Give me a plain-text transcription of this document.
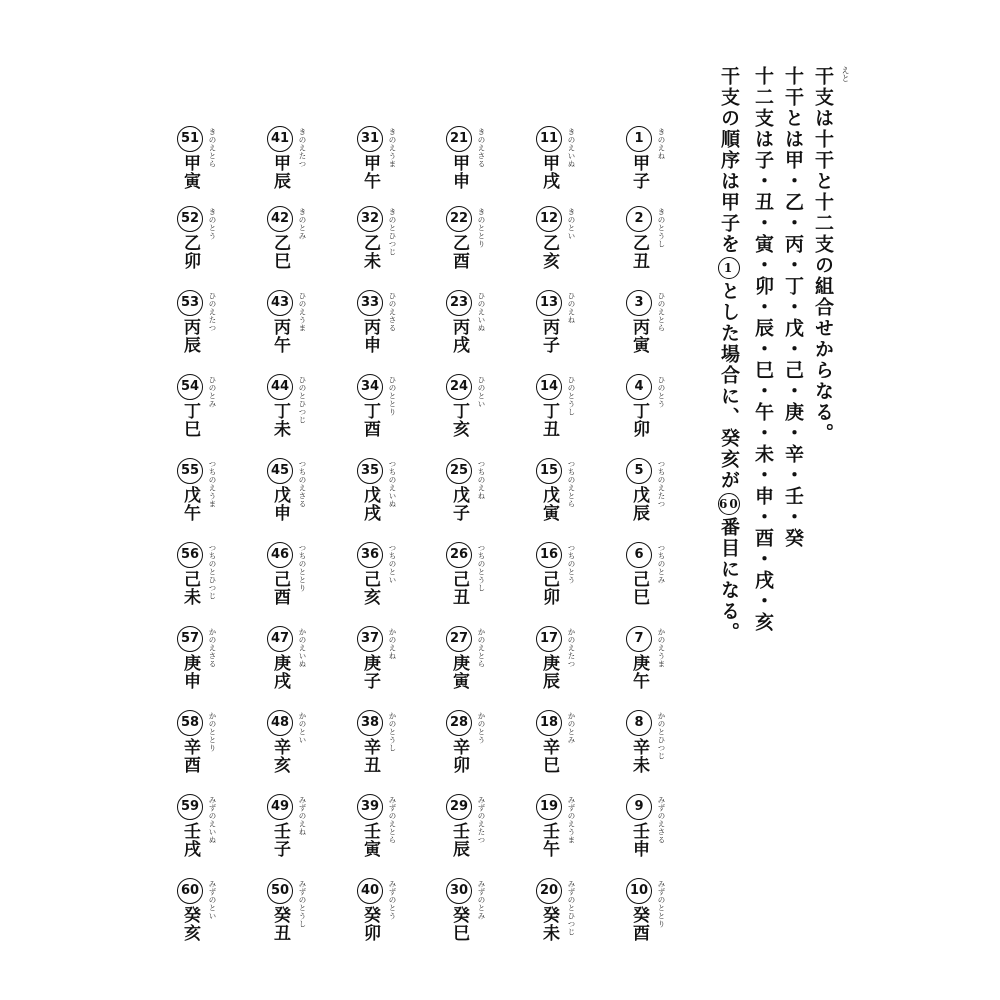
えと
干支は十干と十二支の組合せからなる。
十干とは甲・乙・丙・丁・戊・己・庚・辛・壬・癸
十二支は子・丑・寅・卯・辰・巳・午・未・申・酉・戌・亥
干支の順序は甲子を1とした場合に、癸亥が60番目になる。
1
甲子
きのえね
2
乙丑
きのとうし
3
丙寅
ひのえとら
4
丁卯
ひのとう
5
戊辰	つちのえたつ
6
己巳
つちのとみ
7
庚午
かのえうま
8
辛未	かのとひつじ
9
壬申	みずのえさる
10
癸酉	みずのととり
11
甲戌
きのえいぬ
12
乙亥
きのとい
13
丙子
ひのえね
14
丁丑
ひのとうし
15
戊寅	つちのえとら
16
己卯
つちのとう
17
庚辰
かのえたつ
18
辛巳
かのとみ
19
壬午	みずのえうま
20
癸未	みずのとひつじ
21
甲申
きのえさる
22
乙酉
きのととり
23
丙戌
ひのえいぬ
24
丁亥
ひのとい
25
戊子
つちのえね
26
己丑	つちのとうし
27
庚寅
かのえとら
28
辛卯
かのとう
29
壬辰	みずのえたつ
30
癸巳
みずのとみ
31
甲午
きのえうま
32
乙未	きのとひつじ
33
丙申
ひのえさる
34
丁酉
ひのととり
35
戊戌	つちのえいぬ
36
己亥
つちのとい
37
庚子
かのえね
38
辛丑
かのとうし
39
壬寅	みずのえとら
40
癸卯
みずのとう
41
甲辰
きのえたつ
42
乙巳
きのとみ
43
丙午
ひのえうま
44
丁未	ひのとひつじ
45
戊申	つちのえさる
46
己酉	つちのととり
47
庚戌
かのえいぬ
48
辛亥
かのとい
49
壬子
みずのえね
50
癸丑	みずのとうし
51
甲寅
きのえとら
52
乙卯
きのとう
53
丙辰
ひのえたつ
54
丁巳
ひのとみ
55
戊午	つちのえうま
56
己未	つちのとひつじ
57
庚申
かのえさる
58
辛酉
かのととり
59
壬戌	みずのえいぬ
60
癸亥
みずのとい
